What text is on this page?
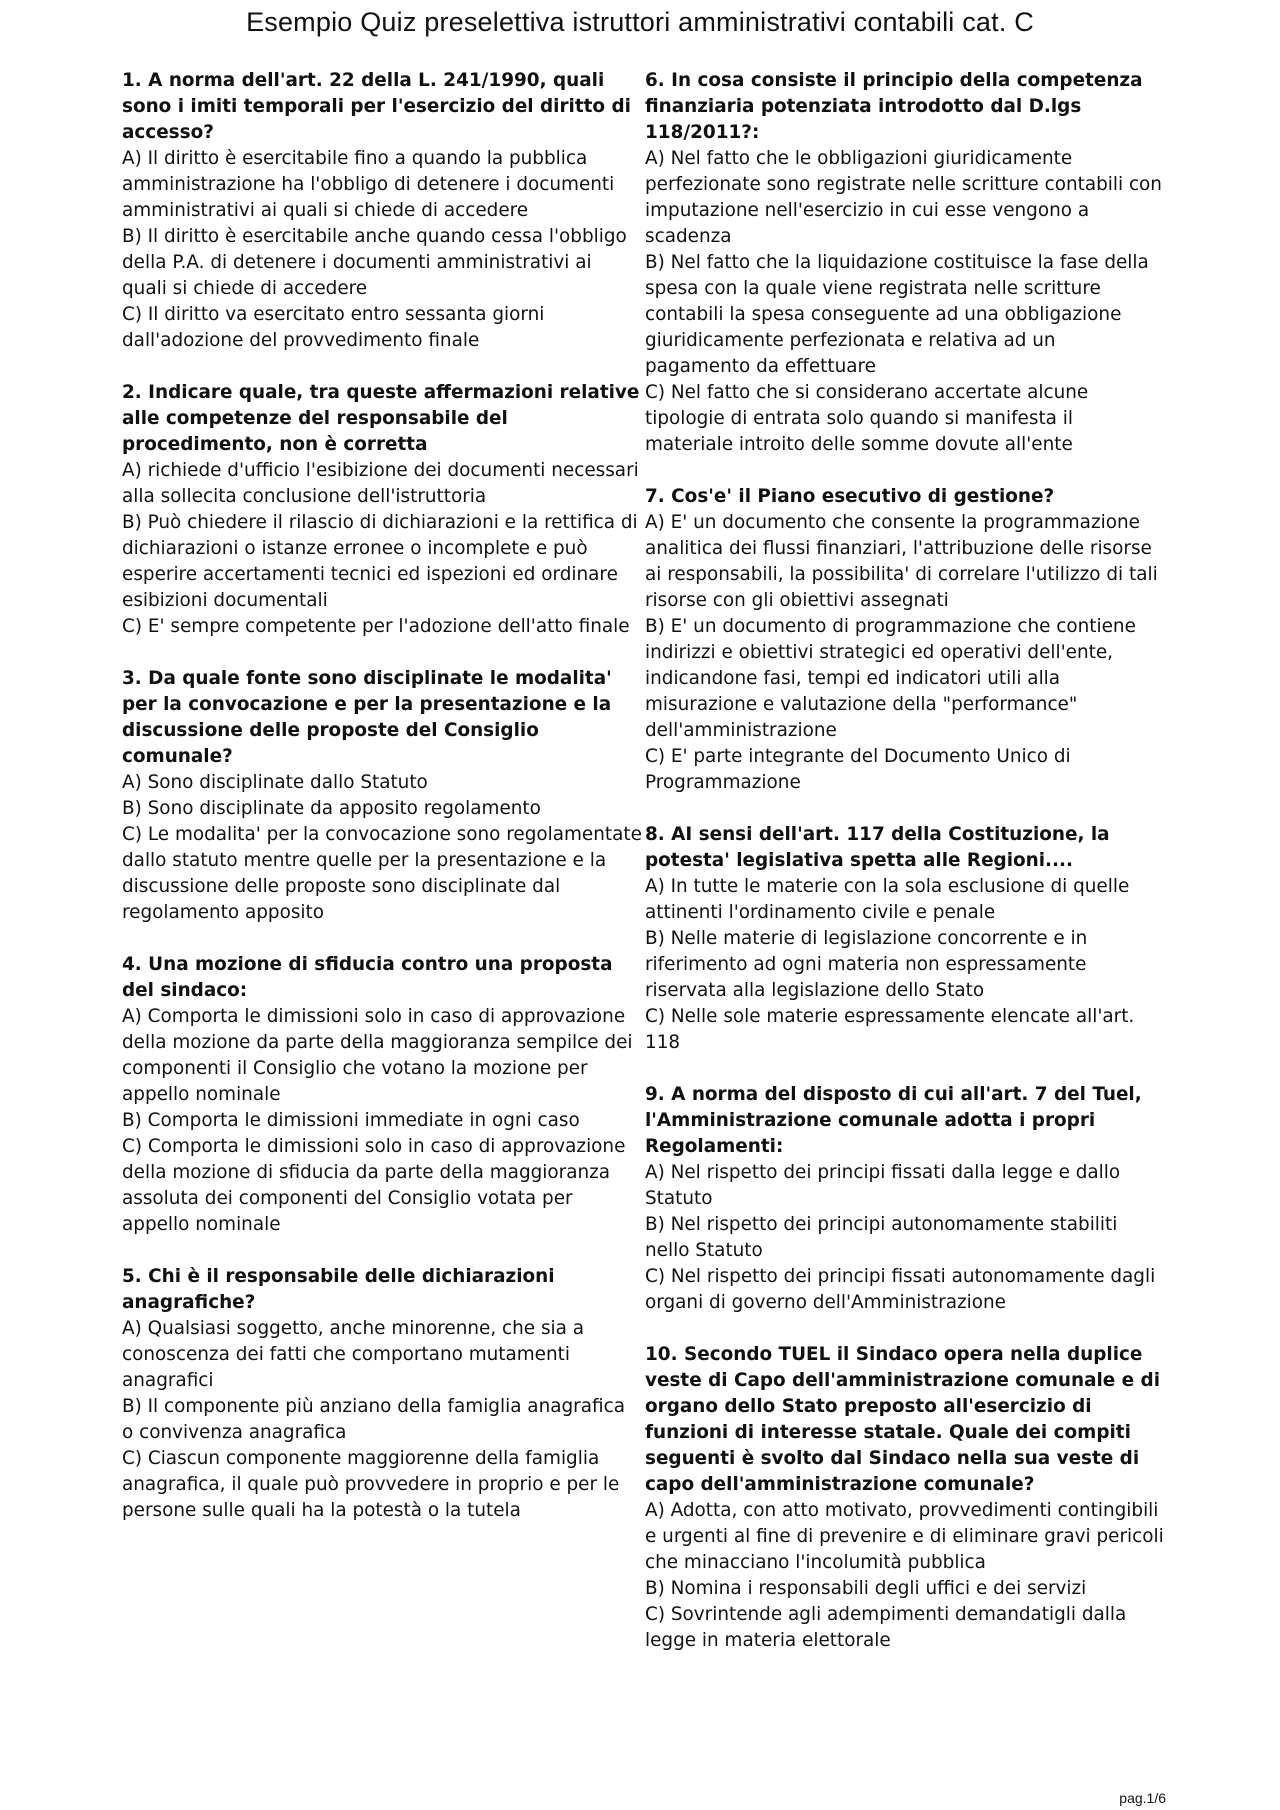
Esempio Quiz preselettiva istruttori amministrativi contabili cat. C

1. A norma dell'art. 22 della L. 241/1990, quali sono i imiti temporali per l'esercizio del diritto di accesso?

A) Il diritto è esercitabile fino a quando la pubblica amministrazione ha l'obbligo di detenere i documenti amministrativi ai quali si chiede di accedere

B) Il diritto è esercitabile anche quando cessa l'obbligo della P.A. di detenere i documenti amministrativi ai quali si chiede di accedere

C) Il diritto va esercitato entro sessanta giorni dall'adozione del provvedimento finale

2. Indicare quale, tra queste affermazioni relative alle competenze del responsabile del procedimento, non è corretta

A) richiede d'ufficio l'esibizione dei documenti necessari alla sollecita conclusione dell'istruttoria

B) Può chiedere il rilascio di dichiarazioni e la rettifica di dichiarazioni o istanze erronee o incomplete e può esperire accertamenti tecnici ed ispezioni ed ordinare esibizioni documentali

C) E' sempre competente per l'adozione dell'atto finale

3. Da quale fonte sono disciplinate le modalita' per la convocazione e per la presentazione e la discussione delle proposte del Consiglio comunale?

A) Sono disciplinate dallo Statuto

B) Sono disciplinate da apposito regolamento

C) Le modalita' per la convocazione sono regolamentate dallo statuto mentre quelle per la presentazione e la discussione delle proposte sono disciplinate dal regolamento apposito

4. Una mozione di sfiducia contro una proposta del sindaco:

A) Comporta le dimissioni solo in caso di approvazione della mozione da parte della maggioranza sempilce dei componenti il Consiglio che votano la mozione per appello nominale

B) Comporta le dimissioni immediate in ogni caso

C) Comporta le dimissioni solo in caso di approvazione della mozione di sfiducia da parte della maggioranza assoluta dei componenti del Consiglio votata per appello nominale

5. Chi è il responsabile delle dichiarazioni anagrafiche?

A) Qualsiasi soggetto, anche minorenne, che sia a conoscenza dei fatti che comportano mutamenti anagrafici

B) Il componente più anziano della famiglia anagrafica o convivenza anagrafica

C) Ciascun componente maggiorenne della famiglia anagrafica, il quale può provvedere in proprio e per le persone sulle quali ha la potestà o la tutela

6. In cosa consiste il principio della competenza finanziaria potenziata introdotto dal D.lgs 118/2011?:

A) Nel fatto che le obbligazioni giuridicamente perfezionate sono registrate nelle scritture contabili con imputazione nell'esercizio in cui esse vengono a scadenza

B) Nel fatto che la liquidazione costituisce la fase della spesa con la quale viene registrata nelle scritture contabili la spesa conseguente ad una obbligazione giuridicamente perfezionata e relativa ad un pagamento da effettuare

C) Nel fatto che si considerano accertate alcune tipologie di entrata solo quando si manifesta il materiale introito delle somme dovute all'ente

7. Cos'e' il Piano esecutivo di gestione?

A) E' un documento che consente la programmazione analitica dei flussi finanziari, l'attribuzione delle risorse ai responsabili, la possibilita' di correlare l'utilizzo di tali risorse con gli obiettivi assegnati

B) E' un documento di programmazione che contiene indirizzi e obiettivi strategici ed operativi dell'ente, indicandone fasi, tempi ed indicatori utili alla misurazione e valutazione della "performance" dell'amministrazione

C) E' parte integrante del Documento Unico di Programmazione

8. AI sensi dell'art. 117 della Costituzione, la potesta' legislativa spetta alle Regioni....

A) In tutte le materie con la sola esclusione di quelle attinenti l'ordinamento civile e penale

B) Nelle materie di legislazione concorrente e in riferimento ad ogni materia non espressamente riservata alla legislazione dello Stato

C) Nelle sole materie espressamente elencate all'art. 118

9. A norma del disposto di cui all'art. 7 del Tuel, l'Amministrazione comunale adotta i propri Regolamenti:

A) Nel rispetto dei principi fissati dalla legge e dallo Statuto

B) Nel rispetto dei principi autonomamente stabiliti nello Statuto

C) Nel rispetto dei principi fissati autonomamente dagli organi di governo dell'Amministrazione

10. Secondo TUEL il Sindaco opera nella duplice veste di Capo dell'amministrazione comunale e di organo dello Stato preposto all'esercizio di funzioni di interesse statale. Quale dei compiti seguenti è svolto dal Sindaco nella sua veste di capo dell'amministrazione comunale?

A) Adotta, con atto motivato, provvedimenti contingibili e urgenti al fine di prevenire e di eliminare gravi pericoli che minacciano l'incolumità pubblica

B) Nomina i responsabili degli uffici e dei servizi

C) Sovrintende agli adempimenti demandatigli dalla legge in materia elettorale

pag.1/6
